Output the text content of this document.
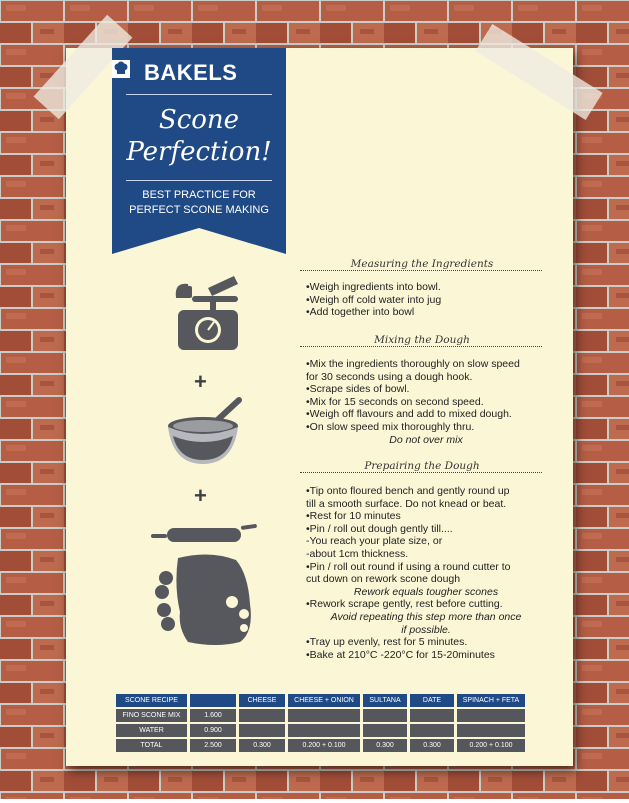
BAKELS
Scone
Perfection!
BEST PRACTICE FOR
PERFECT SCONE MAKING
+
+
Measuring the Ingredients
•Weigh ingredients into bowl.
•Weigh off cold water into jug
•Add together into bowl
Mixing the Dough
•Mix the ingredients thoroughly on slow speed
for 30 seconds using a dough hook.
•Scrape sides of bowl.
•Mix for 15 seconds on second speed.
•Weigh off flavours and add to mixed dough.
•On slow speed mix thoroughly thru.
Do not over mix
Prepairing the Dough
•Tip onto floured bench and gently round up
till a smooth surface. Do not knead or beat.
•Rest for 10 minutes
•Pin / roll out dough gently till....
-You reach your plate size, or
-about 1cm thickness.
•Pin / roll out round if using a round cutter to
cut down on rework scone dough
Rework equals tougher scones
•Rework scrape gently, rest before cutting.
Avoid repeating this step more than once
if possible.
•Tray up evenly, rest for 5 minutes.
•Bake at 210°C -220°C for 15-20minutes
SCONE RECIPE		CHEESE	CHEESE + ONION	SULTANA	DATE	SPINACH + FETA
FINO SCONE MIX	1.600					
WATER	0.900					
TOTAL	2.500	0.300	0.200 + 0.100	0.300	0.300	0.200 + 0.100
